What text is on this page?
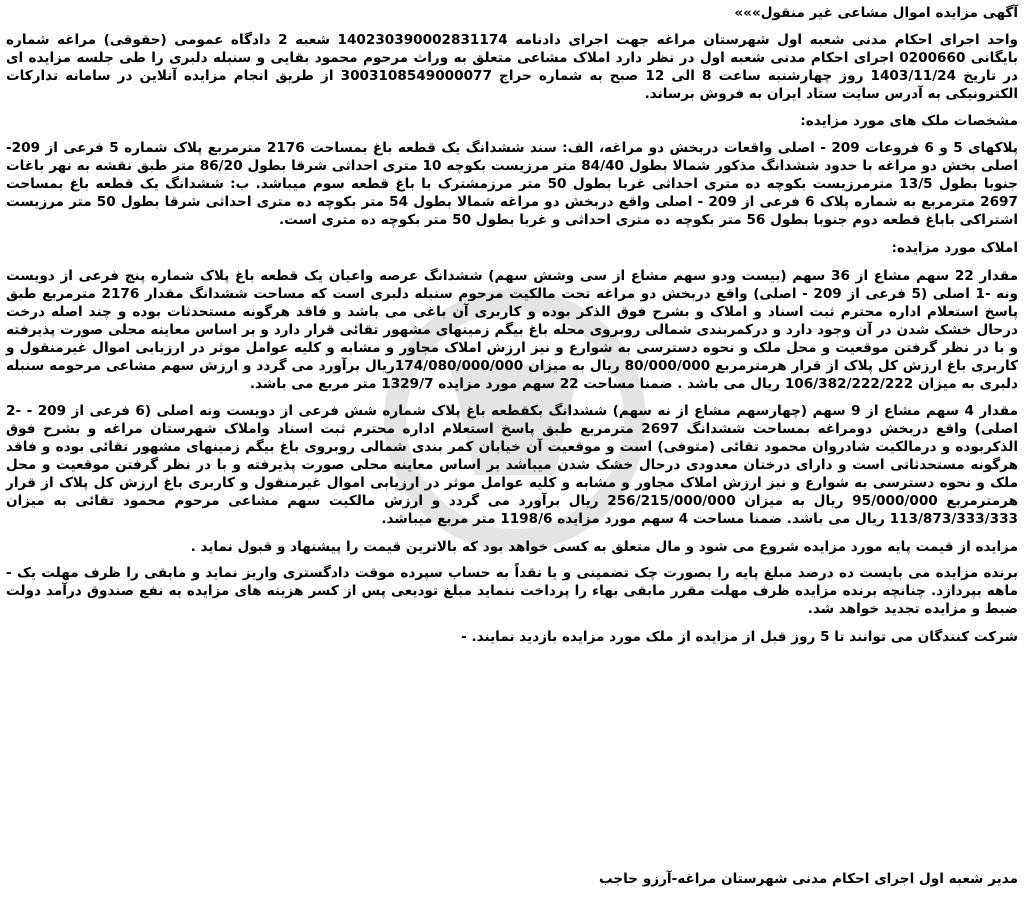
آگهی مزایده اموال مشاعی غیر منقول»»»

واحد اجرای احکام مدنی شعبه اول شهرستان مراغه جهت اجرای دادنامه 140230390002831174 شعبه 2 دادگاه عمومی (حقوقی) مراغه شماره بایگانی 0200660 اجرای احکام مدنی شعبه اول در نظر دارد املاک مشاعی متعلق به وراث مرحوم محمود بقایی و سنبله دلبری را طی جلسه مزایده ای در تاریخ 1403/11/24 روز چهارشنبه ساعت 8 الی 12 صبح به شماره حراج 3003108549000077 از طریق انجام مزایده آنلاین در سامانه تدارکات الکترونیکی به آدرس سایت ستاد ایران به فروش برساند.

مشخصات ملک های مورد مزایده:

پلاکهای 5 و 6 فروعات 209 - اصلی واقعات دربخش دو مراغه، الف: سند ششدانگ یک قطعه باغ بمساحت 2176 مترمربع پلاک شماره 5 فرعی از 209- اصلی بخش دو مراغه با حدود ششدانگ مذکور شمالا بطول 84/40 متر مرزیست بکوچه 10 متری احداثی شرقا بطول 86/20 متر طبق نقشه به نهر باغات جنوبا بطول 13/5 مترمرزیست بکوچه ده متری احداثی غربا بطول 50 متر مرزمشترک با باغ قطعه سوم میباشد. ب: ششدانگ یک قطعه باغ بمساحت 2697 مترمربع به شماره پلاک 6 فرعی از 209 - اصلی واقع دربخش دو مراغه شمالا بطول 54 متر بکوچه ده متری احداثی شرقا بطول 50 متر مرزیست اشتراکی باباغ قطعه دوم جنوبا بطول 56 متر بکوچه ده متری احداثی و غربا بطول 50 متر بکوچه ده متری است.

املاک مورد مزایده:

مقدار 22 سهم مشاع از 36 سهم (بیست ودو سهم مشاع از سی وشش سهم) ششدانگ عرصه واعیان یک قطعه باغ پلاک شماره پنج فرعی از دویست ونه -1 اصلی (5 فرعی از 209 - اصلی) واقع دربخش دو مراغه تحت مالکیت مرحوم سنبله دلبری است که مساحت ششدانگ مقدار 2176 مترمربع طبق پاسخ استعلام اداره محترم ثبت اسناد و املاک و بشرح فوق الذکر بوده و کاربری آن باغی می باشد و فاقد هرگونه مستحدثات بوده و چند اصله درخت درحال خشک شدن در آن وجود دارد و درکمربندی شمالی روبروی محله باغ بیگم زمینهای مشهور تقائی قرار دارد و بر اساس معاینه محلی صورت پذیرفته و با در نظر گرفتن موقعیت و محل ملک و نحوه دسترسی به شوارع و نیز ارزش املاک مجاور و مشابه و کلیه عوامل موثر در ارزیابی اموال غیرمنقول و کاربری باغ ارزش کل پلاک از قرار هرمترمربع 80/000/000 ریال به میزان 174/080/000/000ریال برآورد می گردد و ارزش سهم مشاعی مرحومه سنبله دلبری به میزان 106/382/222/222 ریال می باشد . ضمنا مساحت 22 سهم مورد مزایده 1329/7 متر مربع می باشد.

مقدار 4 سهم مشاع از 9 سهم (چهارسهم مشاع از نه سهم) ششدانگ بکقطعه باغ پلاک شماره شش فرعی از دویست ونه اصلی (6 فرعی از 209 - -2 اصلی) واقع دربخش دومراغه بمساحت ششدانگ 2697 مترمربع طبق پاسخ استعلام اداره محترم ثبت اسناد واملاک شهرستان مراغه و بشرح فوق الذکربوده و درمالکیت شادروان محمود تقائی (متوفی) است و موقعیت آن خیابان کمر بندی شمالی روبروی باغ بیگم زمینهای مشهور تقائی بوده و فاقد هرگونه مستحدثاتی است و دارای درختان معدودی درحال خشک شدن میباشد بر اساس معاینه محلی صورت پذیرفته و با در نظر گرفتن موقعیت و محل ملک و نحوه دسترسی به شوارع و نیز ارزش املاک مجاور و مشابه و کلیه عوامل موثر در ارزیابی اموال غیرمنقول و کاربری باغ ارزش کل پلاک از قرار هرمترمربع 95/000/000 ریال به میزان 256/215/000/000 ریال برآورد می گردد و ارزش مالکیت سهم مشاعی مرحوم محمود تقائی به میزان 113/873/333/333 ریال می باشد. ضمنا مساحت 4 سهم مورد مزایده 1198/6 متر مربع میباشد.

مزایده از قیمت پایه مورد مزایده شروع می شود و مال متعلق به کسی خواهد بود که بالاترین قیمت را پیشنهاد و قبول نماید .

برنده مزایده می بایست ده درصد مبلغ پایه را بصورت چک تضمینی و یا نقداً به حساب سپرده موقت دادگستری واریز نماید و مابقی را ظرف مهلت یک - ماهه بپردازد. چنانچه برنده مزایده ظرف مهلت مقرر مابقی بهاء را پرداخت ننماید مبلغ تودیعی پس از کسر هزینه های مزایده به نفع صندوق درآمد دولت ضبط و مزایده تجدید خواهد شد.

شرکت کنندگان می توانند تا 5 روز قبل از مزایده از ملک مورد مزایده بازدید نمایند. -

مدیر شعبه اول اجرای احکام مدنی شهرستان مراغه-آرزو حاجب
